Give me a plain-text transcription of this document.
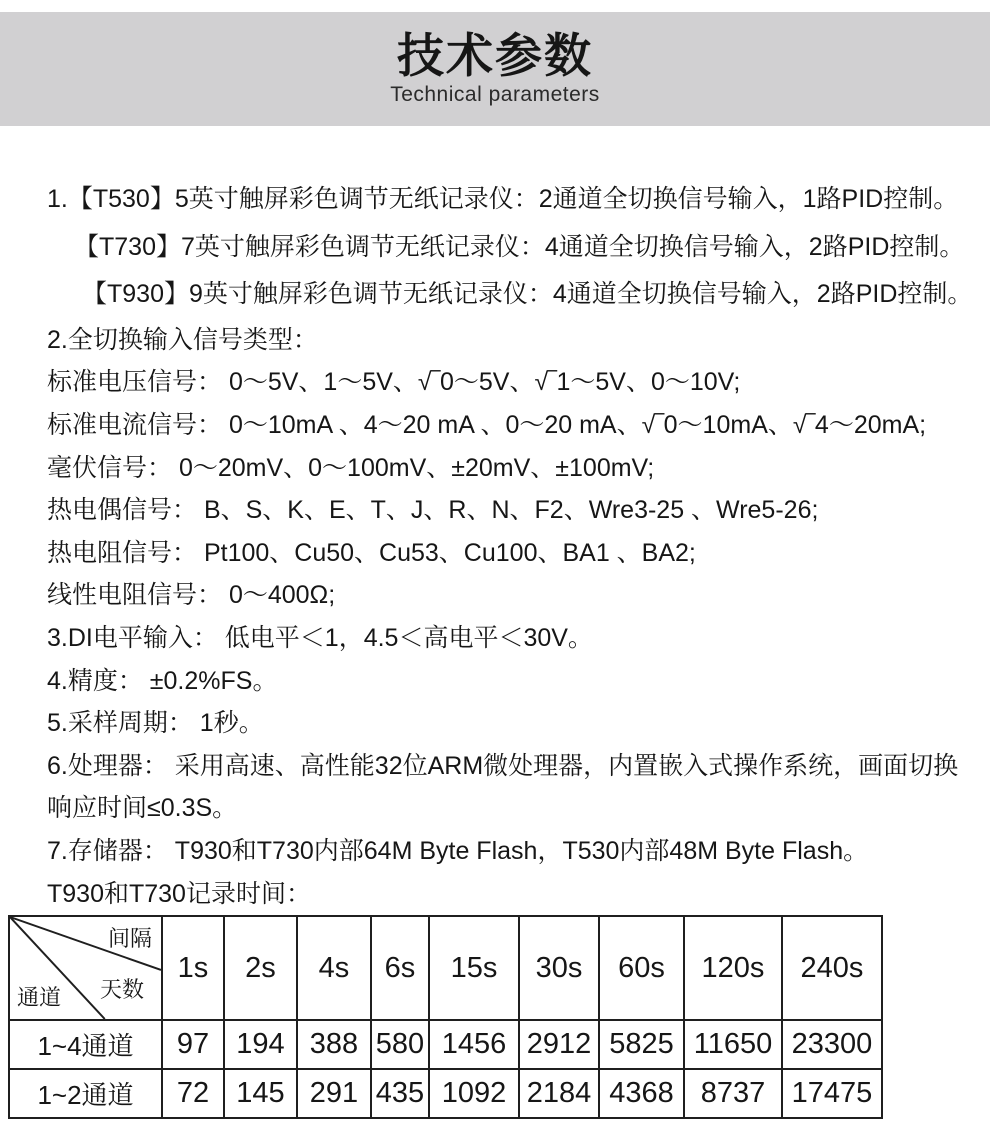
技术参数
Technical parameters

1.【T530】5英寸触屏彩色调节无纸记录仪：2通道全切换信号输入，1路PID控制。

【T730】7英寸触屏彩色调节无纸记录仪：4通道全切换信号输入，2路PID控制。

【T930】9英寸触屏彩色调节无纸记录仪：4通道全切换信号输入，2路PID控制。

2.全切换输入信号类型：

标准电压信号： 0～5V、1～5V、√‾0～5V、√‾1～5V、0～10V;

标准电流信号： 0～10mA 、4～20 mA 、0～20 mA、√‾0～10mA、√‾4～20mA;

毫伏信号： 0～20mV、0～100mV、±20mV、±100mV;

热电偶信号： B、S、K、E、T、J、R、N、F2、Wre3-25 、Wre5-26;

热电阻信号： Pt100、Cu50、Cu53、Cu100、BA1 、BA2;

线性电阻信号： 0～400Ω;

3.DI电平输入： 低电平＜1，4.5＜高电平＜30V。

4.精度： ±0.2%FS。

5.采样周期： 1秒。

6.处理器： 采用高速、高性能32位ARM微处理器，内置嵌入式操作系统，画面切换

响应时间≤0.3S。

7.存储器： T930和T730内部64M Byte Flash，T530内部48M Byte Flash。

T930和T730记录时间：

间隔
天数
通道	1s	2s	4s	6s	15s	30s	60s	120s	240s
1~4通道	97	194	388	580	1456	2912	5825	11650	23300
1~2通道	72	145	291	435	1092	2184	4368	8737	17475
